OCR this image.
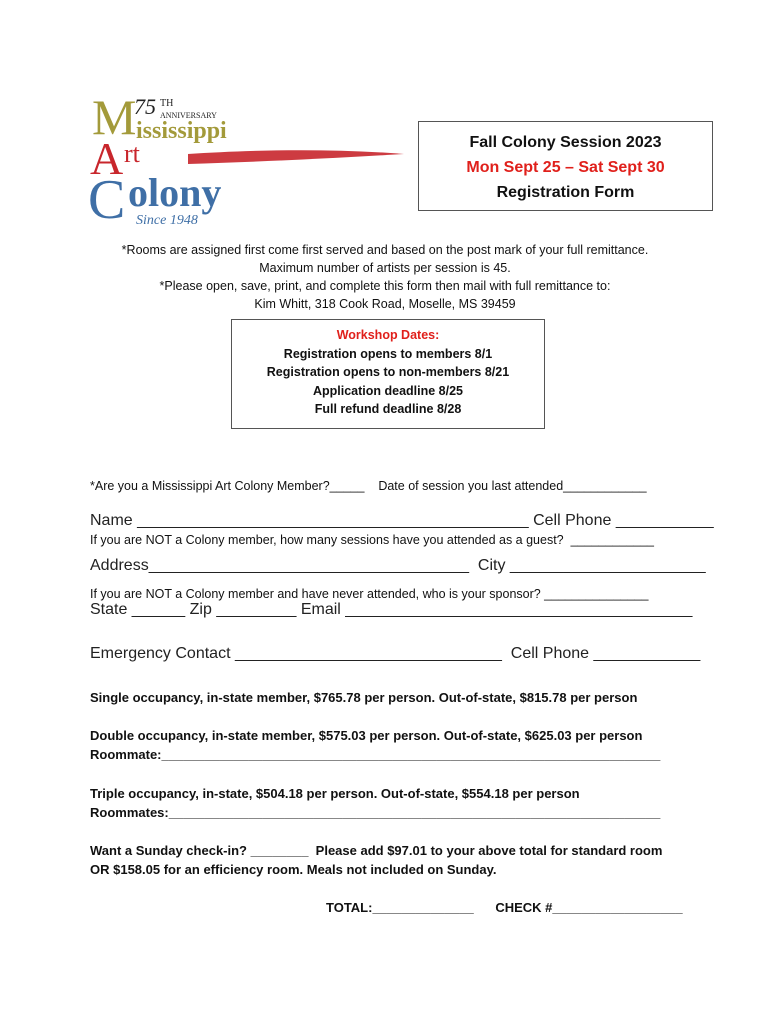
M
75 TH
ANNIVERSARY
ississippi
A rt
C olony
Since 1948
Fall Colony Session 2023
Mon Sept 25 – Sat Sept 30
Registration Form
*Rooms are assigned first come first served and based on the post mark of your full remittance.
Maximum number of artists per session is 45.
*Please open, save, print, and complete this form then mail with full remittance to:
Kim Whitt, 318 Cook Road, Moselle, MS 39459
Workshop Dates:
Registration opens to members 8/1
Registration opens to non-members 8/21
Application deadline 8/25
Full refund deadline 8/28

*Are you a Mississippi Art Colony Member?_____    Date of session you last attended____________

If you are NOT a Colony member, how many sessions have you attended as a guest?  ____________

If you are NOT a Colony member and have never attended, who is your sponsor? _______________

Name ____________________________________________ Cell Phone ___________
Address____________________________________  City ______________________
State ______ Zip _________ Email _______________________________________
Emergency Contact ______________________________  Cell Phone ____________
Single occupancy, in-state member, $765.78 per person. Out-of-state, $815.78 per person
Double occupancy, in-state member, $575.03 per person. Out-of-state, $625.03 per person
Roommate:_____________________________________________________________________
Triple occupancy, in-state, $504.18 per person. Out-of-state, $554.18 per person
Roommates:____________________________________________________________________
Want a Sunday check-in? ________  Please add $97.01 to your above total for standard room
OR $158.05 for an efficiency room. Meals not included on Sunday.
TOTAL:______________      CHECK #__________________
